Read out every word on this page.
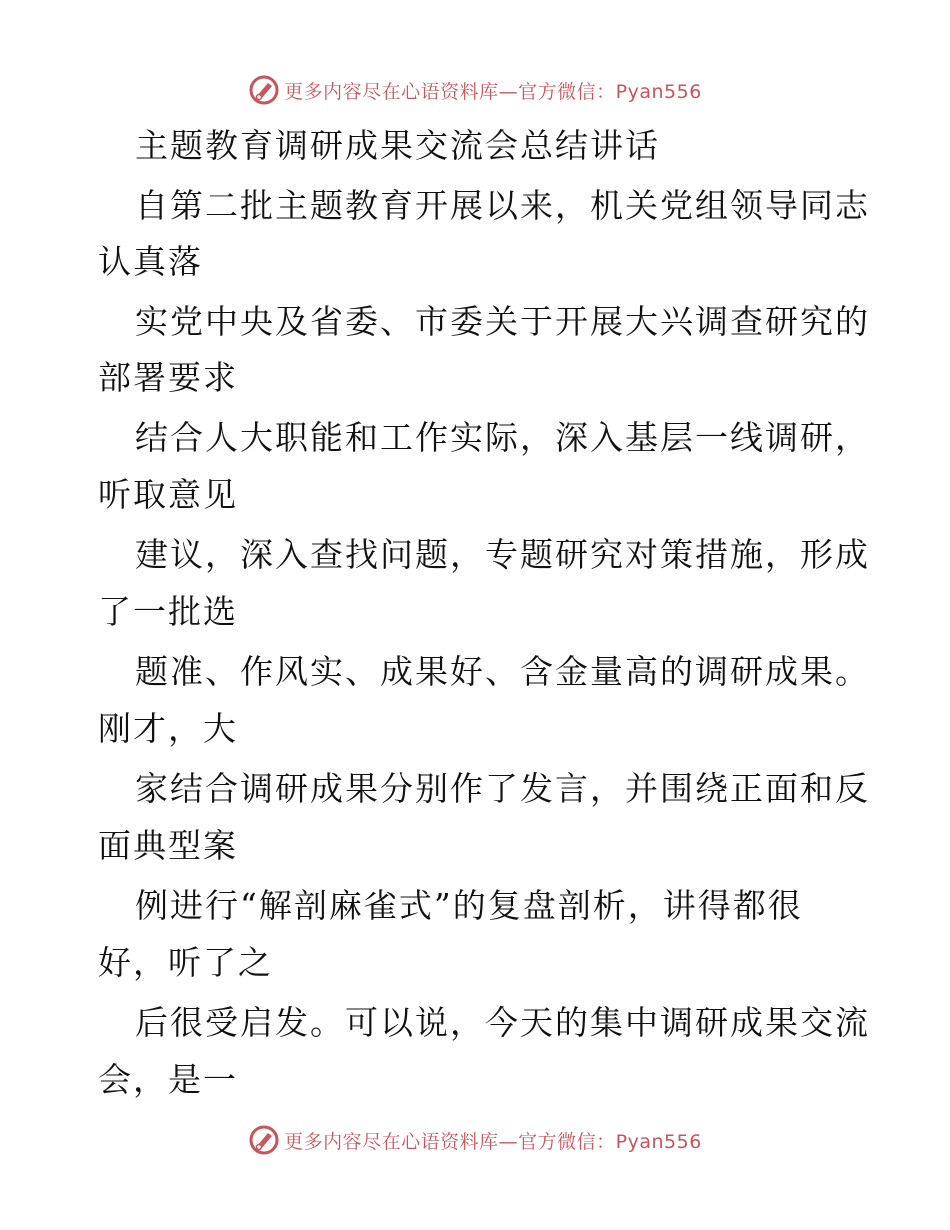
更多内容尽在心语资料库—官方微信：Pyan556
主题教育调研成果交流会总结讲话
自第二批主题教育开展以来，机关党组领导同志
认真落
实党中央及省委、市委关于开展大兴调查研究的
部署要求
结合人大职能和工作实际，深入基层一线调研，
听取意见
建议，深入查找问题，专题研究对策措施，形成
了一批选
题准、作风实、成果好、含金量高的调研成果。
刚才，大
家结合调研成果分别作了发言，并围绕正面和反
面典型案
例进行“解剖麻雀式”的复盘剖析，讲得都很
好，听了之
后很受启发。可以说，今天的集中调研成果交流
会，是一
更多内容尽在心语资料库—官方微信：Pyan556
